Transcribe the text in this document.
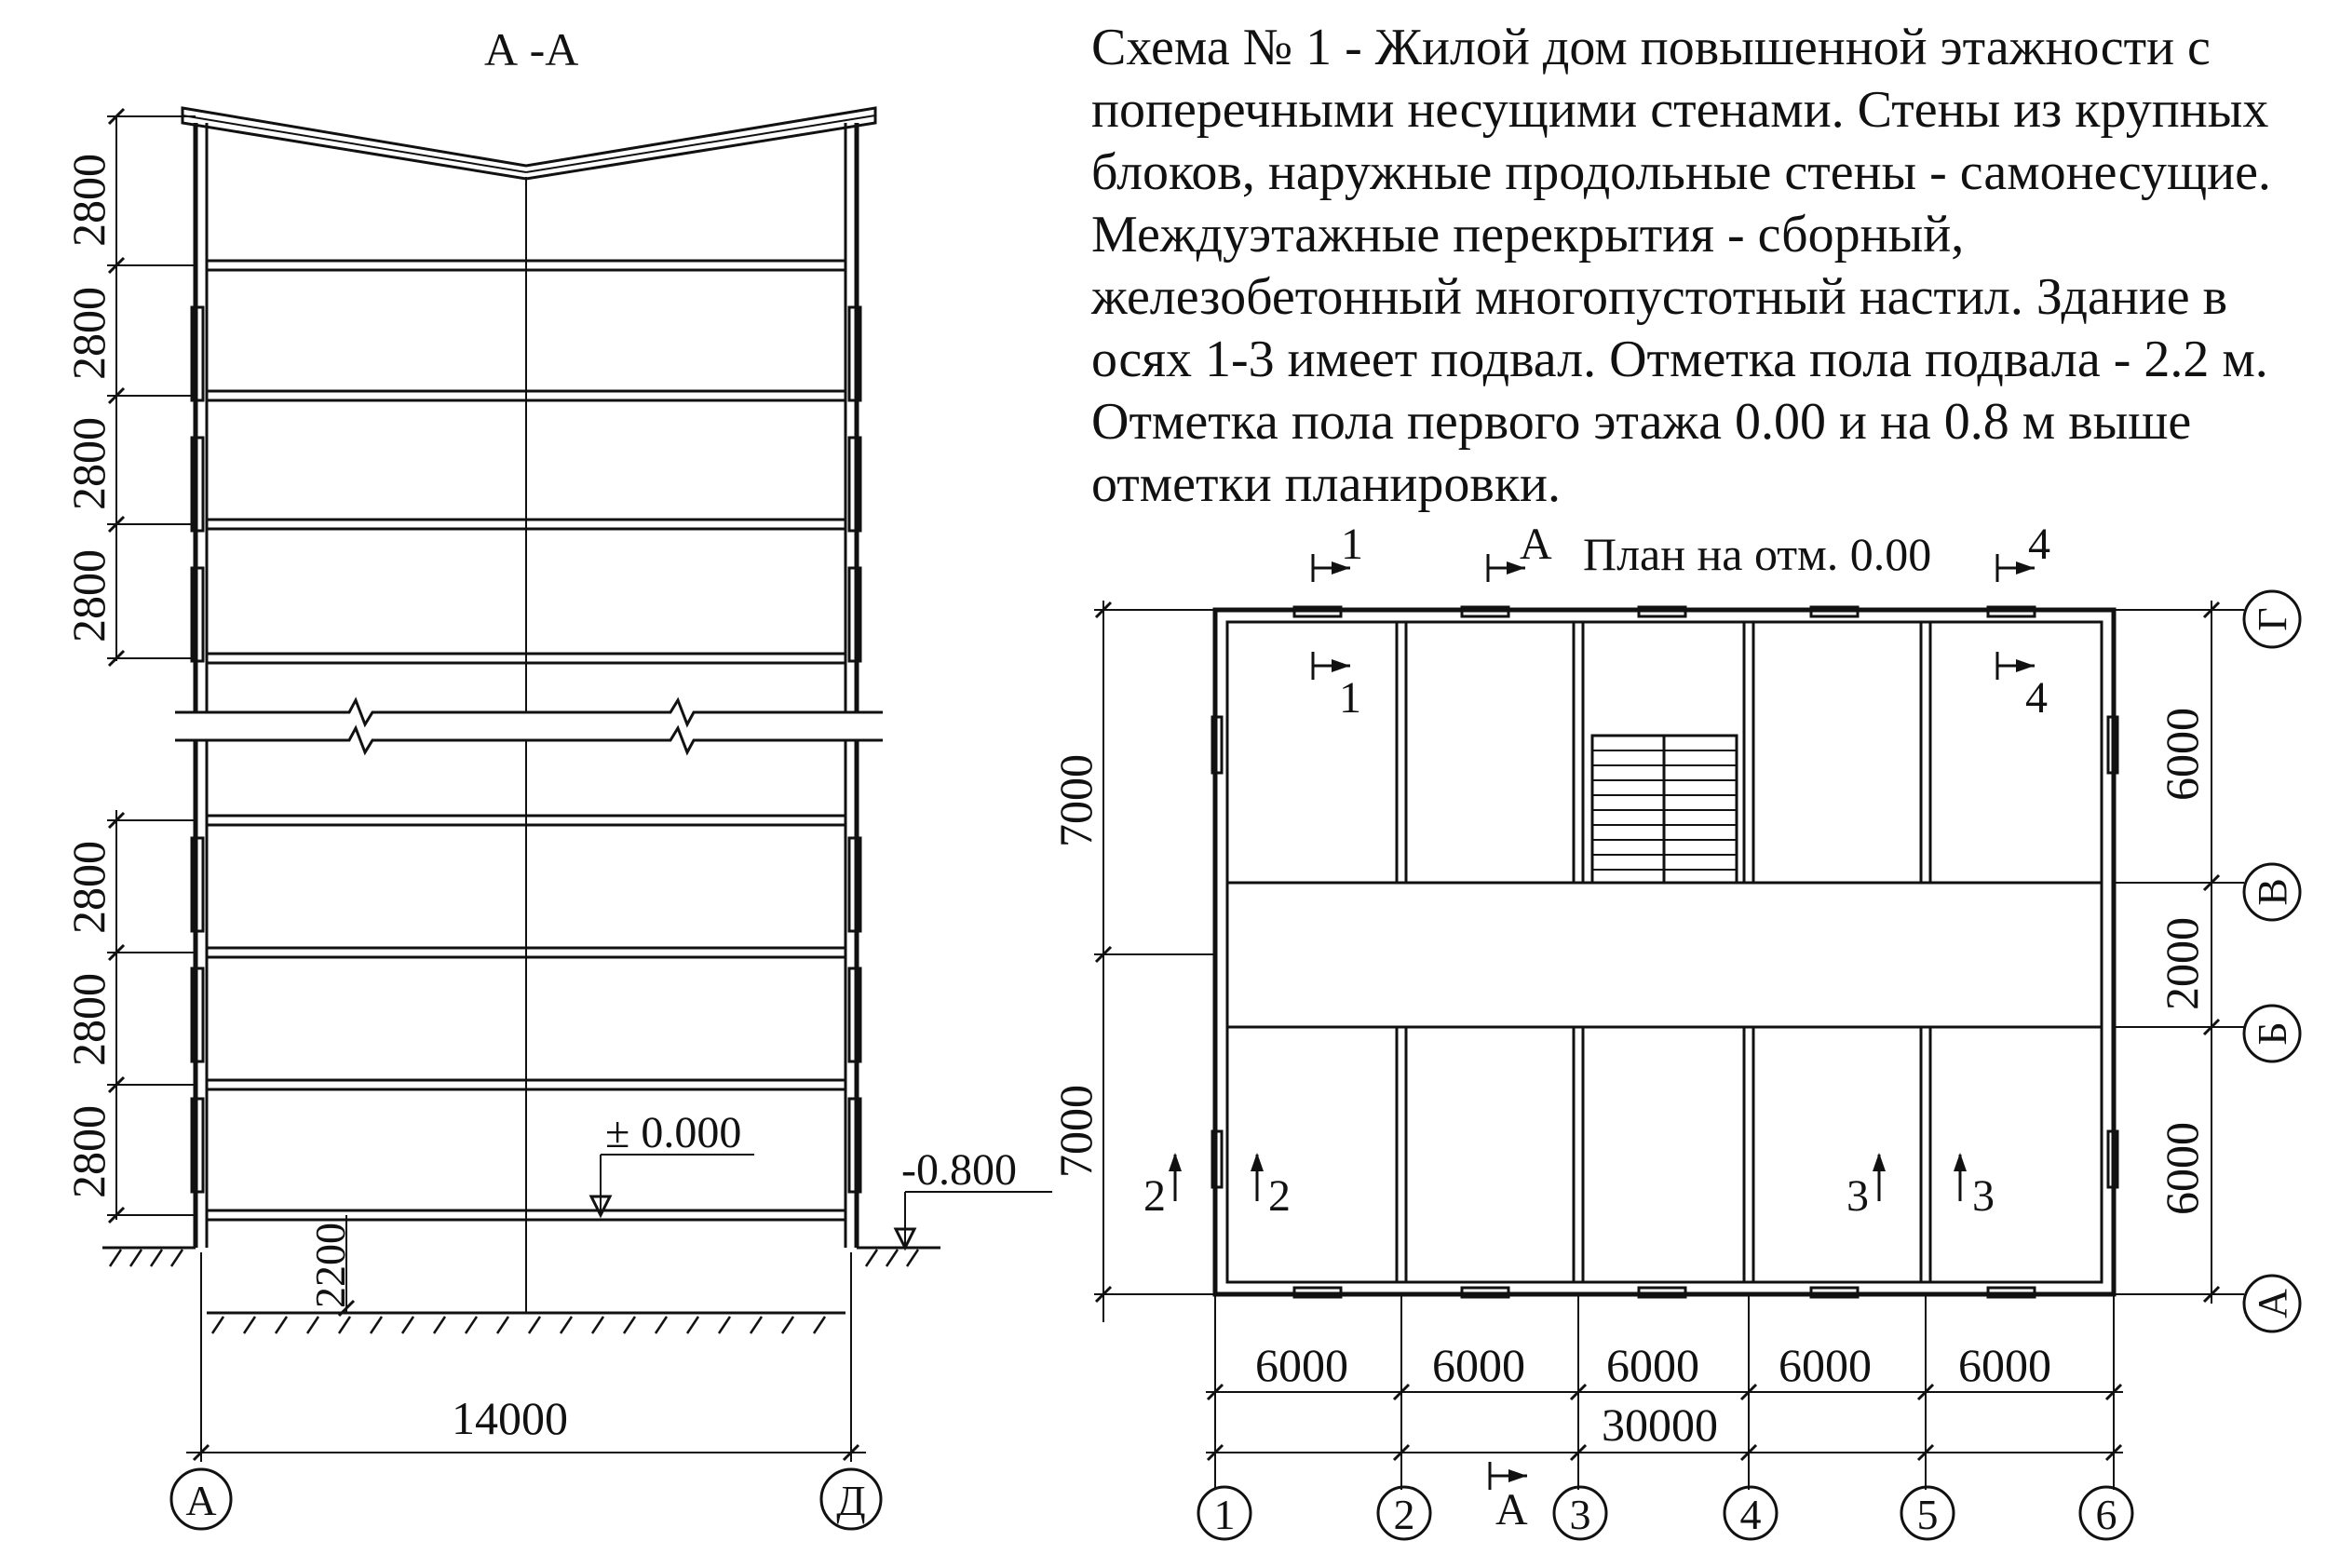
А -А
2800
2800
2800
2800
2800
2800
2800
2200
± 0.000
-0.800
14000
А	Д
План на отм. 0.00
1
1
А	4
4
2 2	3 3
А
7000
7000
6000
2000
6000
6000 6000 6000 6000 6000
30000
Г
В
Б
А
1	2	3	4	5	6
Схема № 1 - Жилой дом повышенной этажности с
поперечными несущими стенами. Стены из крупных
блоков, наружные продольные стены - самонесущие.
Междуэтажные перекрытия - сборный,
железобетонный многопустотный настил. Здание в
осях 1-3 имеет подвал. Отметка пола подвала - 2.2 м.
Отметка пола первого этажа 0.00 и на 0.8 м выше
отметки планировки.
